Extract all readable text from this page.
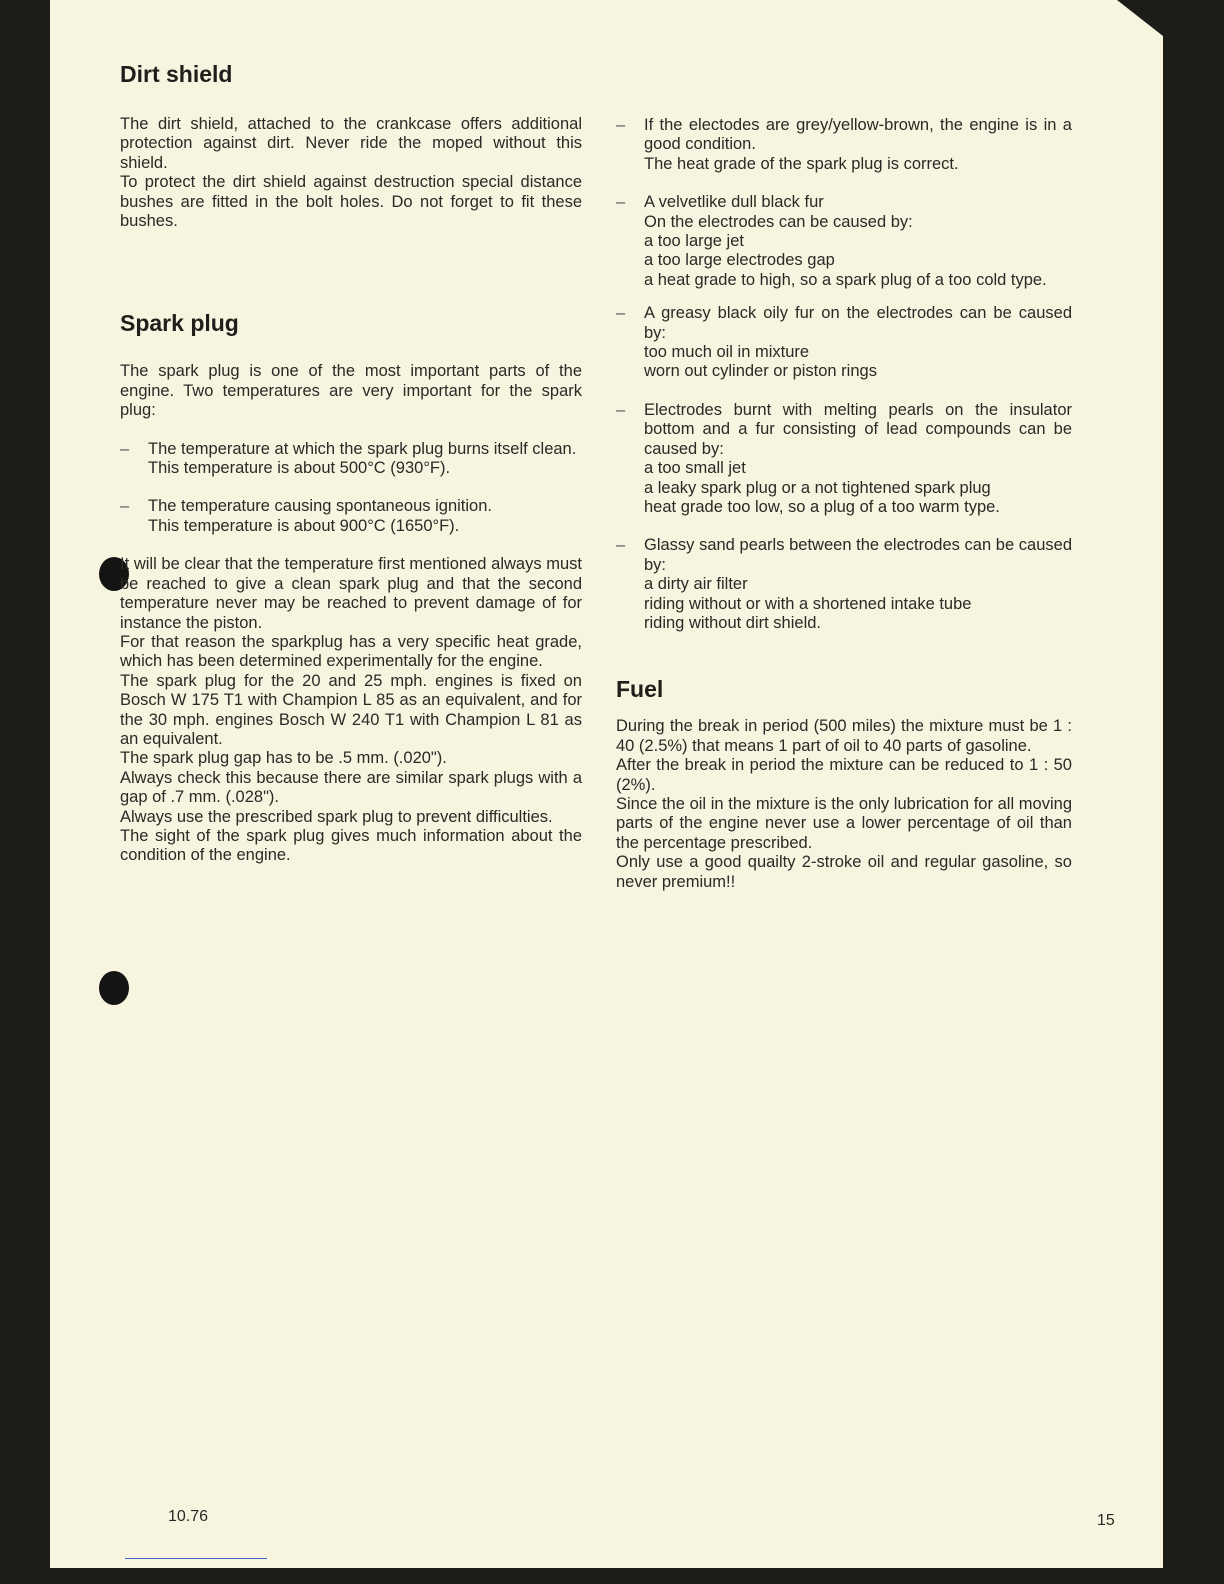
Dirt shield

The dirt shield, attached to the crankcase offers additional protection against dirt. Never ride the moped without this shield.

To protect the dirt shield against destruction special distance bushes are fitted in the bolt holes. Do not forget to fit these bushes.

Spark plug

The spark plug is one of the most important parts of the engine. Two temperatures are very important for the spark plug:

–	The temperature at which the spark plug burns itself clean.
This temperature is about 500°C (930°F).
–	The temperature causing spontaneous ignition.
This temperature is about 900°C (1650°F).

It will be clear that the temperature first mentioned always must be reached to give a clean spark plug and that the second temperature never may be reached to prevent damage of for instance the piston.

For that reason the sparkplug has a very specific heat grade, which has been determined experimentally for the engine.

The spark plug for the 20 and 25 mph. engines is fixed on Bosch W 175 T1 with Champion L 85 as an equivalent, and for the 30 mph. engines Bosch W 240 T1 with Champion L 81 as an equivalent.

The spark plug gap has to be .5 mm. (.020").

Always check this because there are similar spark plugs with a gap of .7 mm. (.028").

Always use the prescribed spark plug to prevent difficulties.

The sight of the spark plug gives much information about the condition of the engine.

–	If the electodes are grey/yellow-brown, the engine is in a good condition.
The heat grade of the spark plug is correct.
–	A velvetlike dull black fur
On the electrodes can be caused by:
a too large jet
a too large electrodes gap
a heat grade to high, so a spark plug of a too cold type.
–	A greasy black oily fur on the electrodes can be caused by:
too much oil in mixture
worn out cylinder or piston rings
–	Electrodes burnt with melting pearls on the insulator bottom and a fur consisting of lead compounds can be caused by:
a too small jet
a leaky spark plug or a not tightened spark plug
heat grade too low, so a plug of a too warm type.
–	Glassy sand pearls between the electrodes can be caused by:
a dirty air filter
riding without or with a shortened intake tube
riding without dirt shield.
Fuel

During the break in period (500 miles) the mixture must be 1 : 40 (2.5%) that means 1 part of oil to 40 parts of gasoline.

After the break in period the mixture can be reduced to 1 : 50 (2%).

Since the oil in the mixture is the only lubrication for all moving parts of the engine never use a lower percentage of oil than the percentage prescribed.

Only use a good quailty 2-stroke oil and regular gasoline, so never premium!!

10.76	15
